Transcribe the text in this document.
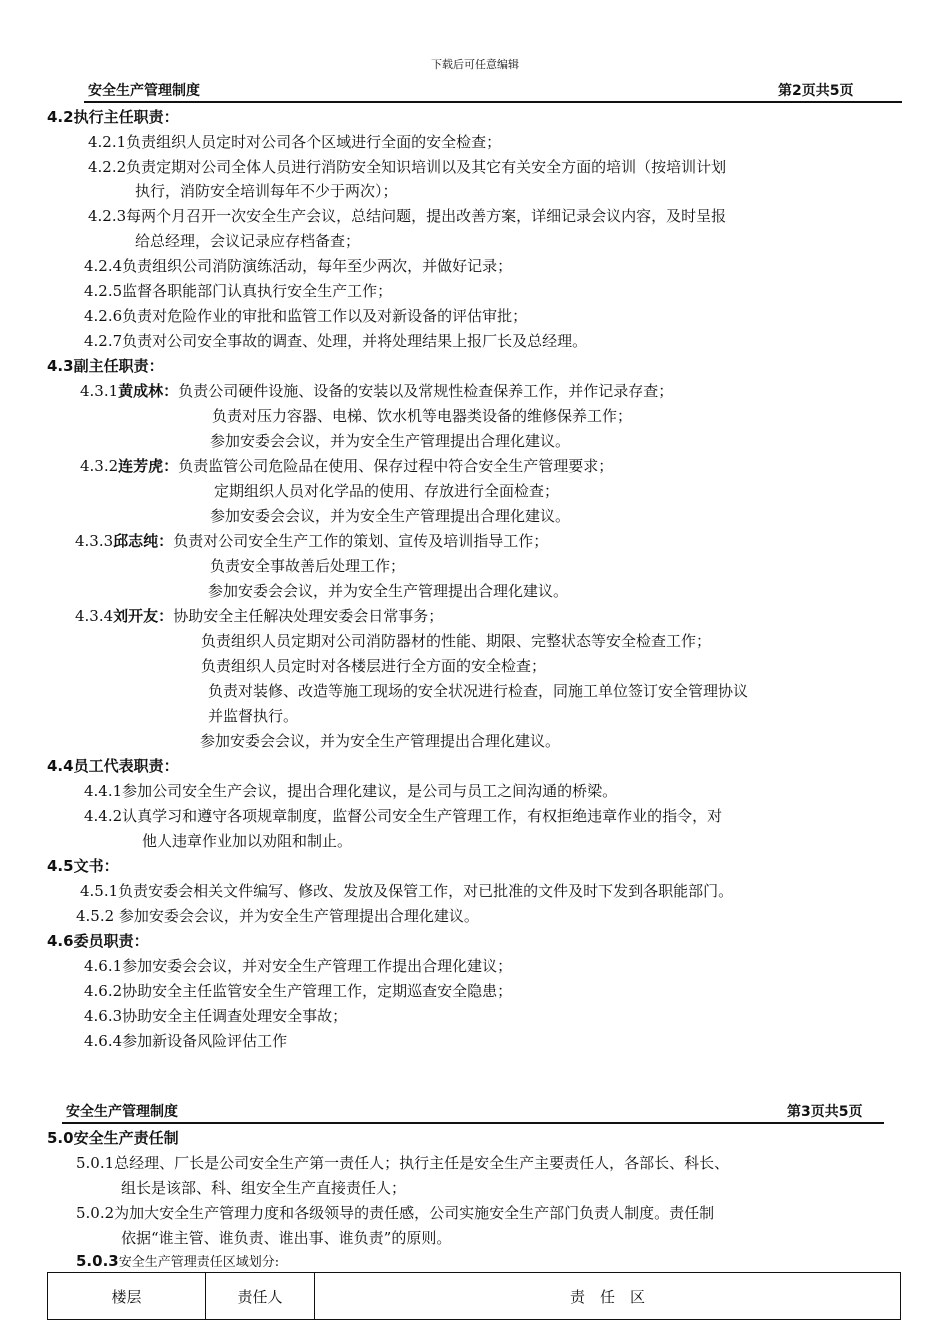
下载后可任意编辑
安全生产管理制度	第2页共5页
4.2执行主任职责：
4.2.1负责组织人员定时对公司各个区域进行全面的安全检查；
4.2.2负责定期对公司全体人员进行消防安全知识培训以及其它有关安全方面的培训（按培训计划
执行，消防安全培训每年不少于两次）；
4.2.3每两个月召开一次安全生产会议，总结问题，提出改善方案，详细记录会议内容，及时呈报
给总经理，会议记录应存档备查；
4.2.4负责组织公司消防演练活动，每年至少两次，并做好记录；
4.2.5监督各职能部门认真执行安全生产工作；
4.2.6负责对危险作业的审批和监管工作以及对新设备的评估审批；
4.2.7负责对公司安全事故的调查、处理，并将处理结果上报厂长及总经理。
4.3副主任职责：
4.3.1黄成林：负责公司硬件设施、设备的安装以及常规性检查保养工作，并作记录存查；
负责对压力容器、电梯、饮水机等电器类设备的维修保养工作；
参加安委会会议，并为安全生产管理提出合理化建议。
4.3.2连芳虎：负责监管公司危险品在使用、保存过程中符合安全生产管理要求；
定期组织人员对化学品的使用、存放进行全面检查；
参加安委会会议，并为安全生产管理提出合理化建议。
4.3.3邱志纯：负责对公司安全生产工作的策划、宣传及培训指导工作；
负责安全事故善后处理工作；
参加安委会会议，并为安全生产管理提出合理化建议。
4.3.4刘开友：协助安全主任解决处理安委会日常事务；
负责组织人员定期对公司消防器材的性能、期限、完整状态等安全检查工作；
负责组织人员定时对各楼层进行全方面的安全检查；
负责对装修、改造等施工现场的安全状况进行检查，同施工单位签订安全管理协议
并监督执行。
参加安委会会议，并为安全生产管理提出合理化建议。
4.4员工代表职责：
4.4.1参加公司安全生产会议，提出合理化建议，是公司与员工之间沟通的桥梁。
4.4.2认真学习和遵守各项规章制度，监督公司安全生产管理工作，有权拒绝违章作业的指令，对
他人违章作业加以劝阻和制止。
4.5文书：
4.5.1负责安委会相关文件编写、修改、发放及保管工作，对已批准的文件及时下发到各职能部门。
4.5.2 参加安委会会议，并为安全生产管理提出合理化建议。
4.6委员职责：
4.6.1参加安委会会议，并对安全生产管理工作提出合理化建议；
4.6.2协助安全主任监管安全生产管理工作，定期巡查安全隐患；
4.6.3协助安全主任调查处理安全事故；
4.6.4参加新设备风险评估工作
安全生产管理制度	第3页共5页
5.0安全生产责任制
5.0.1总经理、厂长是公司安全生产第一责任人；执行主任是安全生产主要责任人，各部长、科长、
组长是该部、科、组安全生产直接责任人；
5.0.2为加大安全生产管理力度和各级领导的责任感，公司实施安全生产部门负责人制度。责任制
依据“谁主管、谁负责、谁出事、谁负责”的原则。
5.0.3安全生产管理责任区域划分:
楼层	责任人	责　任　区
